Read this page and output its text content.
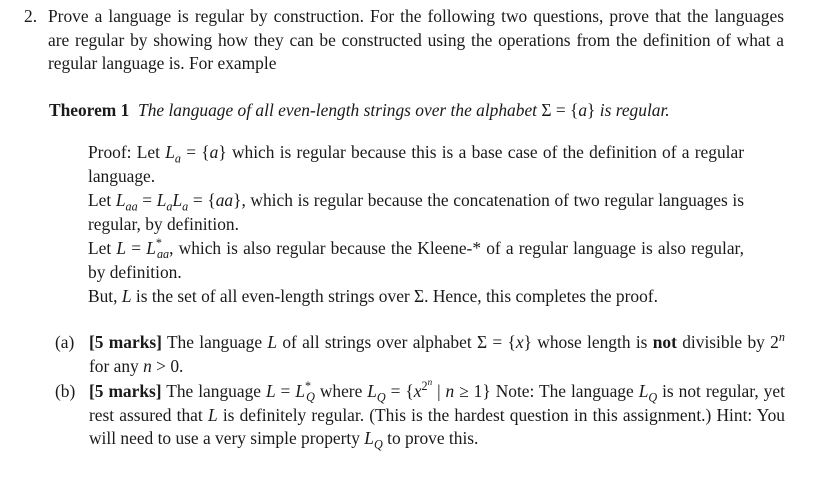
2. Prove a language is regular by construction. For the following two questions, prove that the languages are regular by showing how they can be constructed using the operations from the definition of what a regular language is. For example
Theorem 1 The language of all even-length strings over the alphabet Σ = {a} is regular.

Proof: Let $L_a = \{a\}$ which is regular because this is a base case of the definition of a regular language.

Let $L_{aa} = L_aL_a = \{aa\}$, which is regular because the concatenation of two regular languages is regular, by definition.

Let $L = L^*_{aa}$, which is also regular because the Kleene-* of a regular language is also regular, by definition.

But, L is the set of all even-length strings over Σ. Hence, this completes the proof.

(a) [5 marks] The language L of all strings over alphabet Σ = {x} whose length is not divisible by 2$^n$ for any n > 0.
(b) [5 marks] The language $L = L^*_Q$ where $L_Q = \{x^{2^n}$ | n ≥ 1} Note: The language $L_Q$ is not regular, yet rest assured that L is definitely regular. (This is the hardest question in this assignment.) Hint: You will need to use a very simple property $L_Q$ to prove this.
